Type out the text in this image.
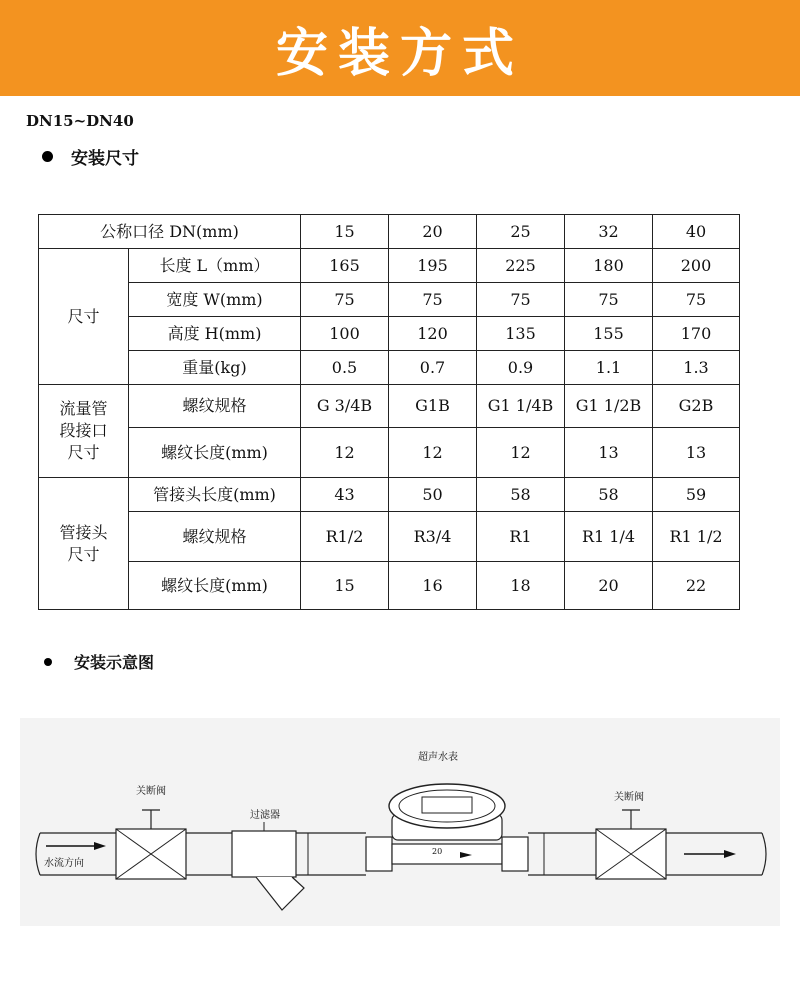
安装方式
DN15~DN40
安装尺寸
公称口径 DN(mm)		15	20	25	32	40
尺寸	长度 L（mm）	165	195	225	180	200
	宽度 W(mm)	75	75	75	75	75
	高度 H(mm)	100	120	135	155	170
	重量(kg)	0.5	0.7	0.9	1.1	1.3

流量管
段接口
尺寸	螺纹规格	G 3/4B	G1B	G1 1/4B	G1 1/2B	G2B
	螺纹长度(mm)	12	12	12	13	13

管接头
尺寸	管接头长度(mm)	43	50	58	58	59
	螺纹规格	R1/2	R3/4	R1	R1 1/4	R1 1/2
	螺纹长度(mm)	15	16	18	20	22
安装示意图
水流方向
关断阀
过滤器
超声水表
20
关断阀
